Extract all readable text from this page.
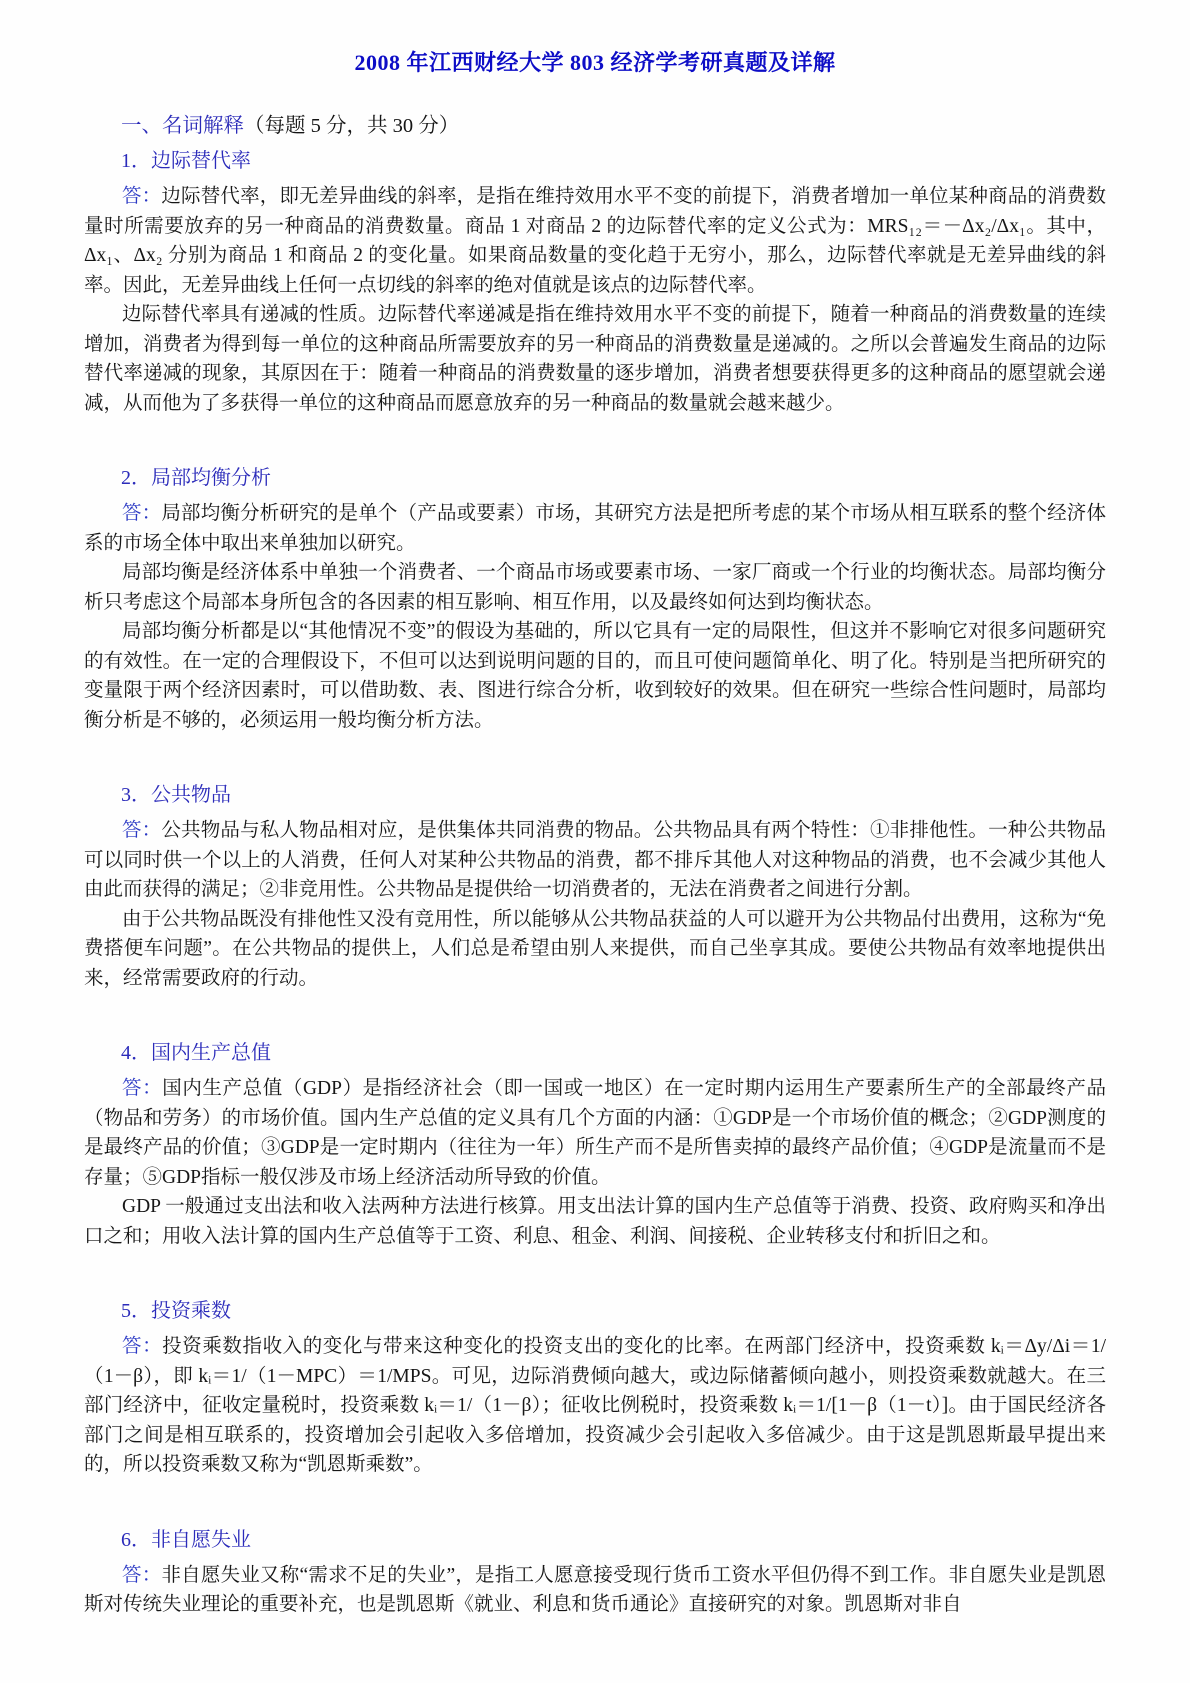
2008 年江西财经大学 803 经济学考研真题及详解
一、名词解释（每题 5 分，共 30 分）
1．边际替代率

答：边际替代率，即无差异曲线的斜率，是指在维持效用水平不变的前提下，消费者增加一单位某种商品的消费数量时所需要放弃的另一种商品的消费数量。商品 1 对商品 2 的边际替代率的定义公式为：MRS₁₂＝－Δx₂/Δx₁。其中，Δx₁、Δx₂ 分别为商品 1 和商品 2 的变化量。如果商品数量的变化趋于无穷小，那么，边际替代率就是无差异曲线的斜率。因此，无差异曲线上任何一点切线的斜率的绝对值就是该点的边际替代率。

边际替代率具有递减的性质。边际替代率递减是指在维持效用水平不变的前提下，随着一种商品的消费数量的连续增加，消费者为得到每一单位的这种商品所需要放弃的另一种商品的消费数量是递减的。之所以会普遍发生商品的边际替代率递减的现象，其原因在于：随着一种商品的消费数量的逐步增加，消费者想要获得更多的这种商品的愿望就会递减，从而他为了多获得一单位的这种商品而愿意放弃的另一种商品的数量就会越来越少。

2．局部均衡分析

答：局部均衡分析研究的是单个（产品或要素）市场，其研究方法是把所考虑的某个市场从相互联系的整个经济体系的市场全体中取出来单独加以研究。

局部均衡是经济体系中单独一个消费者、一个商品市场或要素市场、一家厂商或一个行业的均衡状态。局部均衡分析只考虑这个局部本身所包含的各因素的相互影响、相互作用，以及最终如何达到均衡状态。

局部均衡分析都是以“其他情况不变”的假设为基础的，所以它具有一定的局限性，但这并不影响它对很多问题研究的有效性。在一定的合理假设下，不但可以达到说明问题的目的，而且可使问题简单化、明了化。特别是当把所研究的变量限于两个经济因素时，可以借助数、表、图进行综合分析，收到较好的效果。但在研究一些综合性问题时，局部均衡分析是不够的，必须运用一般均衡分析方法。

3．公共物品

答：公共物品与私人物品相对应，是供集体共同消费的物品。公共物品具有两个特性：①非排他性。一种公共物品可以同时供一个以上的人消费，任何人对某种公共物品的消费，都不排斥其他人对这种物品的消费，也不会减少其他人由此而获得的满足；②非竞用性。公共物品是提供给一切消费者的，无法在消费者之间进行分割。

由于公共物品既没有排他性又没有竞用性，所以能够从公共物品获益的人可以避开为公共物品付出费用，这称为“免费搭便车问题”。在公共物品的提供上，人们总是希望由别人来提供，而自己坐享其成。要使公共物品有效率地提供出来，经常需要政府的行动。

4．国内生产总值

答：国内生产总值（GDP）是指经济社会（即一国或一地区）在一定时期内运用生产要素所生产的全部最终产品（物品和劳务）的市场价值。国内生产总值的定义具有几个方面的内涵：①GDP是一个市场价值的概念；②GDP测度的是最终产品的价值；③GDP是一定时期内（往往为一年）所生产而不是所售卖掉的最终产品价值；④GDP是流量而不是存量；⑤GDP指标一般仅涉及市场上经济活动所导致的价值。

GDP 一般通过支出法和收入法两种方法进行核算。用支出法计算的国内生产总值等于消费、投资、政府购买和净出口之和；用收入法计算的国内生产总值等于工资、利息、租金、利润、间接税、企业转移支付和折旧之和。

5．投资乘数

答：投资乘数指收入的变化与带来这种变化的投资支出的变化的比率。在两部门经济中，投资乘数 kᵢ＝Δy/Δi＝1/（1－β），即 kᵢ＝1/（1－MPC）＝1/MPS。可见，边际消费倾向越大，或边际储蓄倾向越小，则投资乘数就越大。在三部门经济中，征收定量税时，投资乘数 kᵢ＝1/（1－β）；征收比例税时，投资乘数 kᵢ＝1/[1－β（1－t）]。由于国民经济各部门之间是相互联系的，投资增加会引起收入多倍增加，投资减少会引起收入多倍减少。由于这是凯恩斯最早提出来的，所以投资乘数又称为“凯恩斯乘数”。

6．非自愿失业

答：非自愿失业又称“需求不足的失业”，是指工人愿意接受现行货币工资水平但仍得不到工作。非自愿失业是凯恩斯对传统失业理论的重要补充，也是凯恩斯《就业、利息和货币通论》直接研究的对象。凯恩斯对非自
